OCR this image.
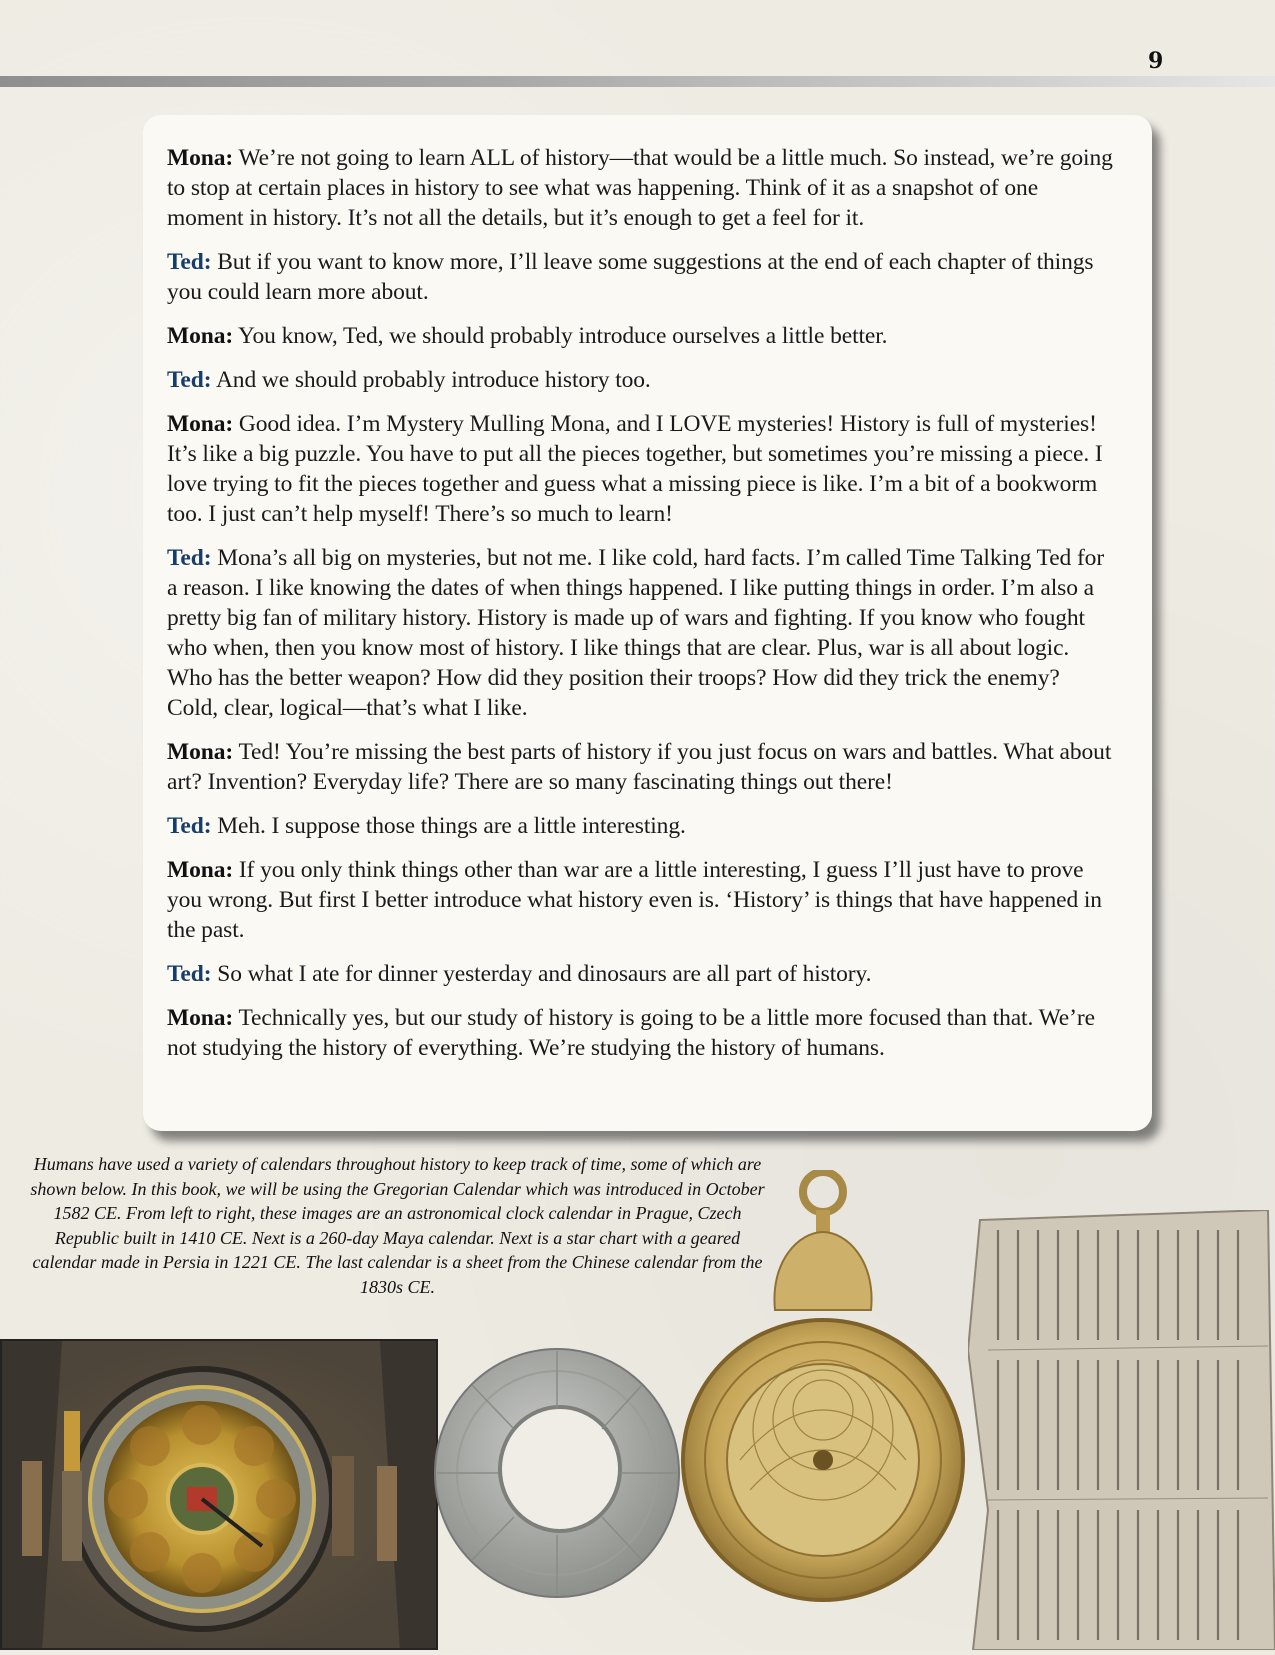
9

Mona: We’re not going to learn ALL of history—that would be a little much. So instead, we’re going to stop at certain places in history to see what was happening. Think of it as a snapshot of one moment in history. It’s not all the details, but it’s enough to get a feel for it.

Ted: But if you want to know more, I’ll leave some suggestions at the end of each chapter of things you could learn more about.

Mona: You know, Ted, we should probably introduce ourselves a little better.

Ted: And we should probably introduce history too.

Mona: Good idea. I’m Mystery Mulling Mona, and I LOVE mysteries! History is full of mysteries! It’s like a big puzzle. You have to put all the pieces together, but sometimes you’re missing a piece. I love trying to fit the pieces together and guess what a missing piece is like. I’m a bit of a bookworm too. I just can’t help myself! There’s so much to learn!

Ted: Mona’s all big on mysteries, but not me. I like cold, hard facts. I’m called Time Talking Ted for a reason. I like knowing the dates of when things happened. I like putting things in order. I’m also a pretty big fan of military history. History is made up of wars and fighting. If you know who fought who when, then you know most of history. I like things that are clear. Plus, war is all about logic. Who has the better weapon? How did they position their troops? How did they trick the enemy? Cold, clear, logical—that’s what I like.

Mona: Ted! You’re missing the best parts of history if you just focus on wars and battles. What about art? Invention? Everyday life? There are so many fascinating things out there!

Ted: Meh. I suppose those things are a little interesting.

Mona: If you only think things other than war are a little interesting, I guess I’ll just have to prove you wrong. But first I better introduce what history even is. ‘History’ is things that have happened in the past.

Ted: So what I ate for dinner yesterday and dinosaurs are all part of history.

Mona: Technically yes, but our study of history is going to be a little more focused than that. We’re not studying the history of everything. We’re studying the history of humans.

Humans have used a variety of calendars throughout history to keep track of time, some of which are shown below. In this book, we will be using the Gregorian Calendar which was introduced in October 1582 CE. From left to right, these images are an astronomical clock calendar in Prague, Czech Republic built in 1410 CE. Next is a 260-day Maya calendar. Next is a star chart with a geared calendar made in Persia in 1221 CE. The last calendar is a sheet from the Chinese calendar from the 1830s CE.
